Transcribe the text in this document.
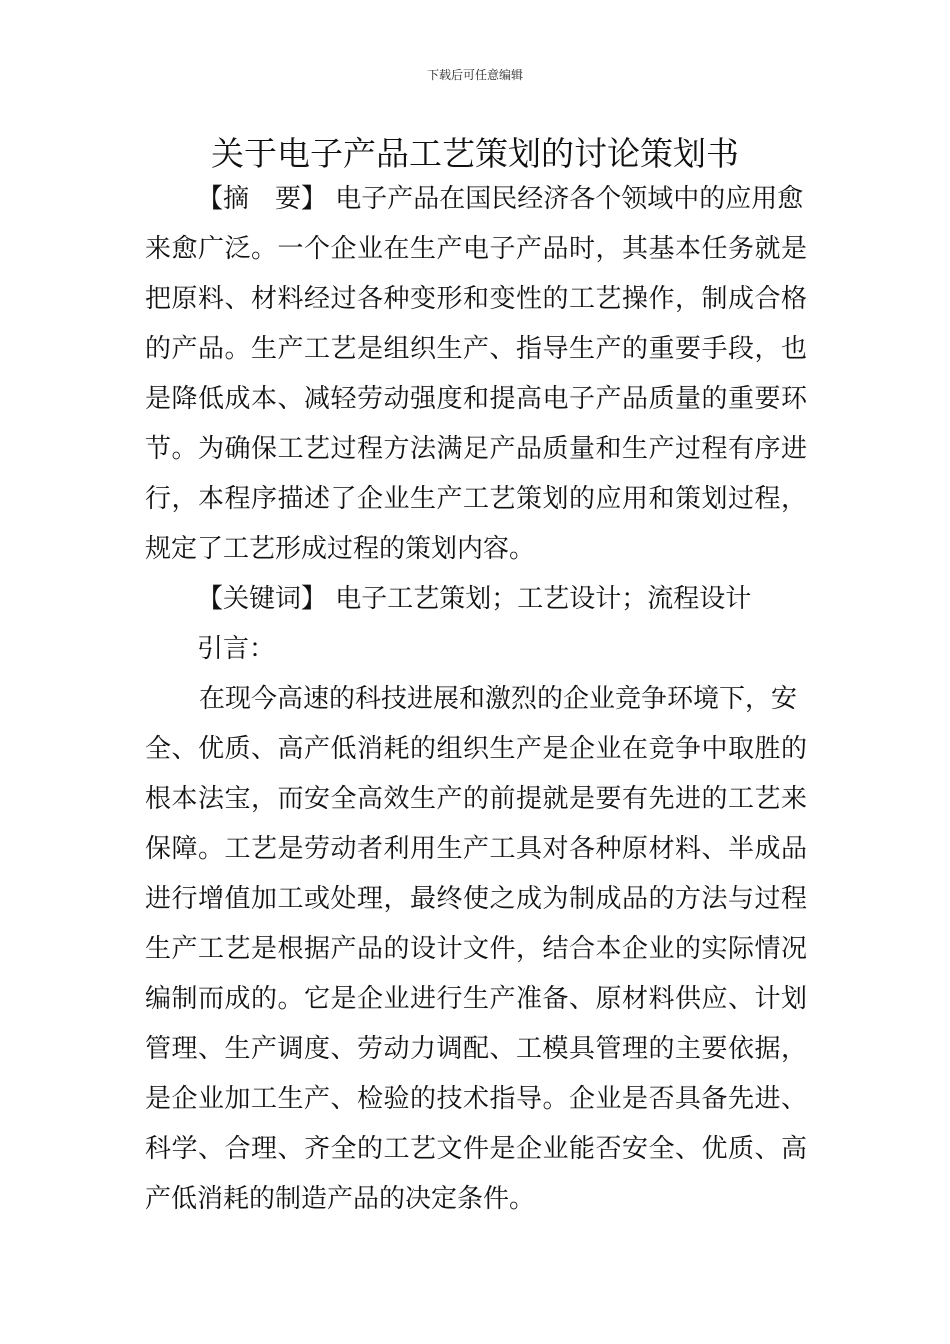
下载后可任意编辑
关于电子产品工艺策划的讨论策划书
【摘　要】 电子产品在国民经济各个领域中的应用愈
来愈广泛。一个企业在生产电子产品时，其基本任务就是
把原料、材料经过各种变形和变性的工艺操作，制成合格
的产品。生产工艺是组织生产、指导生产的重要手段，也
是降低成本、减轻劳动强度和提高电子产品质量的重要环
节。为确保工艺过程方法满足产品质量和生产过程有序进
行，本程序描述了企业生产工艺策划的应用和策划过程，
规定了工艺形成过程的策划内容。
【关键词】 电子工艺策划；工艺设计；流程设计
引言：
在现今高速的科技进展和激烈的企业竞争环境下，安
全、优质、高产低消耗的组织生产是企业在竞争中取胜的
根本法宝，而安全高效生产的前提就是要有先进的工艺来
保障。工艺是劳动者利用生产工具对各种原材料、半成品
进行增值加工或处理，最终使之成为制成品的方法与过程
生产工艺是根据产品的设计文件，结合本企业的实际情况
编制而成的。它是企业进行生产准备、原材料供应、计划
管理、生产调度、劳动力调配、工模具管理的主要依据，
是企业加工生产、检验的技术指导。企业是否具备先进、
科学、合理、齐全的工艺文件是企业能否安全、优质、高
产低消耗的制造产品的决定条件。
